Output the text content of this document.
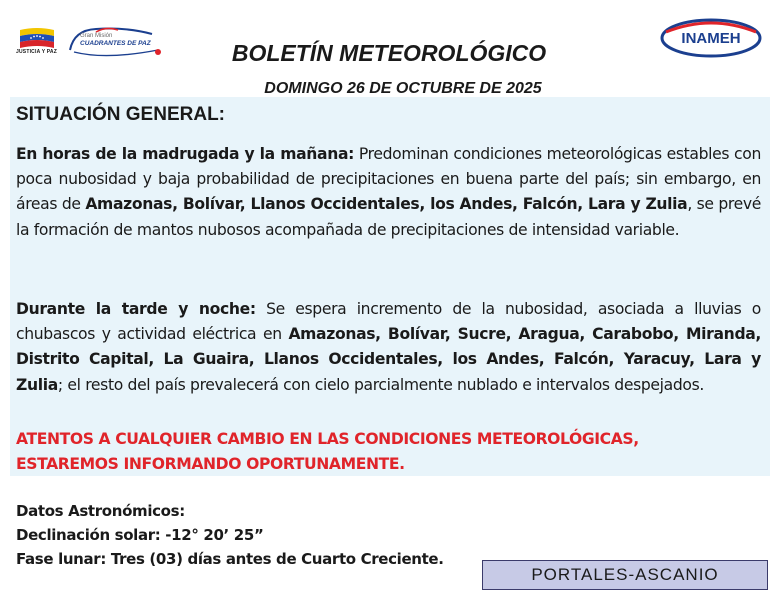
JUSTICIA Y PAZ
Gran Misión
CUADRANTES DE PAZ	INAMEH
BOLETÍN METEOROLÓGICO
DOMINGO 26 DE OCTUBRE DE 2025
SITUACIÓN GENERAL:
En horas de la madrugada y la mañana: Predominan condiciones meteorológicas estables con poca nubosidad y baja probabilidad de precipitaciones en buena parte del país; sin embargo, en áreas de Amazonas, Bolívar, Llanos Occidentales, los Andes, Falcón, Lara y Zulia, se prevé la formación de mantos nubosos acompañada de precipitaciones de intensidad variable.
Durante la tarde y noche: Se espera incremento de la nubosidad, asociada a lluvias o chubascos y actividad eléctrica en Amazonas, Bolívar, Sucre, Aragua, Carabobo, Miranda, Distrito Capital, La Guaira, Llanos Occidentales, los Andes, Falcón, Yaracuy, Lara y Zulia; el resto del país prevalecerá con cielo parcialmente nublado e intervalos despejados.
ATENTOS A CUALQUIER CAMBIO EN LAS CONDICIONES METEOROLÓGICAS,
ESTAREMOS INFORMANDO OPORTUNAMENTE.
Datos Astronómicos:
Declinación solar: -12° 20’ 25”
Fase lunar: Tres (03) días antes de Cuarto Creciente.
PORTALES-ASCANIO
